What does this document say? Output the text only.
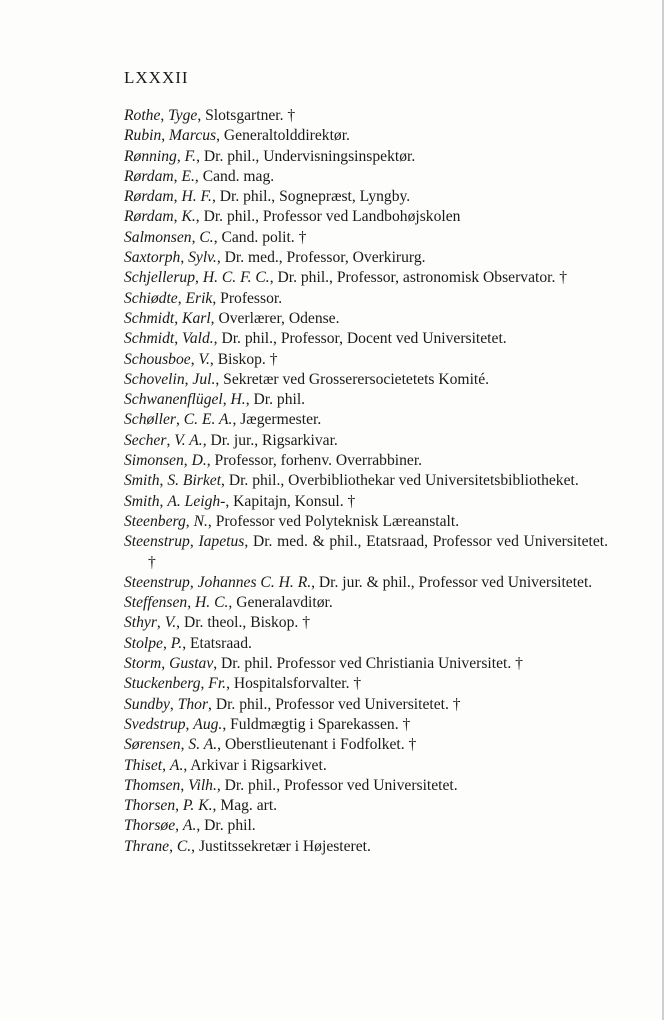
LXXXII
Rothe, Tyge, Slotsgartner. †
Rubin, Marcus, Generaltolddirektør.
Rønning, F., Dr. phil., Undervisningsinspektør.
Rørdam, E., Cand. mag.
Rørdam, H. F., Dr. phil., Sognepræst, Lyngby.
Rørdam, K., Dr. phil., Professor ved Landbohøjskolen
Salmonsen, C., Cand. polit. †
Saxtorph, Sylv., Dr. med., Professor, Overkirurg.
Schjellerup, H. C. F. C., Dr. phil., Professor, astronomisk Observator. †
Schiødte, Erik, Professor.
Schmidt, Karl, Overlærer, Odense.
Schmidt, Vald., Dr. phil., Professor, Docent ved Universitetet.
Schousboe, V., Biskop. †
Schovelin, Jul., Sekretær ved Grosserersocietetets Komité.
Schwanenflügel, H., Dr. phil.
Schøller, C. E. A., Jægermester.
Secher, V. A., Dr. jur., Rigsarkivar.
Simonsen, D., Professor, forhenv. Overrabbiner.
Smith, S. Birket, Dr. phil., Overbibliothekar ved Universitetsbibliotheket.
Smith, A. Leigh-, Kapitajn, Konsul. †
Steenberg, N., Professor ved Polyteknisk Læreanstalt.
Steenstrup, Iapetus, Dr. med. & phil., Etatsraad, Professor ved Universitetet. †
Steenstrup, Johannes C. H. R., Dr. jur. & phil., Professor ved Universitetet.
Steffensen, H. C., Generalavditør.
Sthyr, V., Dr. theol., Biskop. †
Stolpe, P., Etatsraad.
Storm, Gustav, Dr. phil. Professor ved Christiania Universitet. †
Stuckenberg, Fr., Hospitalsforvalter. †
Sundby, Thor, Dr. phil., Professor ved Universitetet. †
Svedstrup, Aug., Fuldmægtig i Sparekassen. †
Sørensen, S. A., Oberstlieutenant i Fodfolket. †
Thiset, A., Arkivar i Rigsarkivet.
Thomsen, Vilh., Dr. phil., Professor ved Universitetet.
Thorsen, P. K., Mag. art.
Thorsøe, A., Dr. phil.
Thrane, C., Justitssekretær i Højesteret.
